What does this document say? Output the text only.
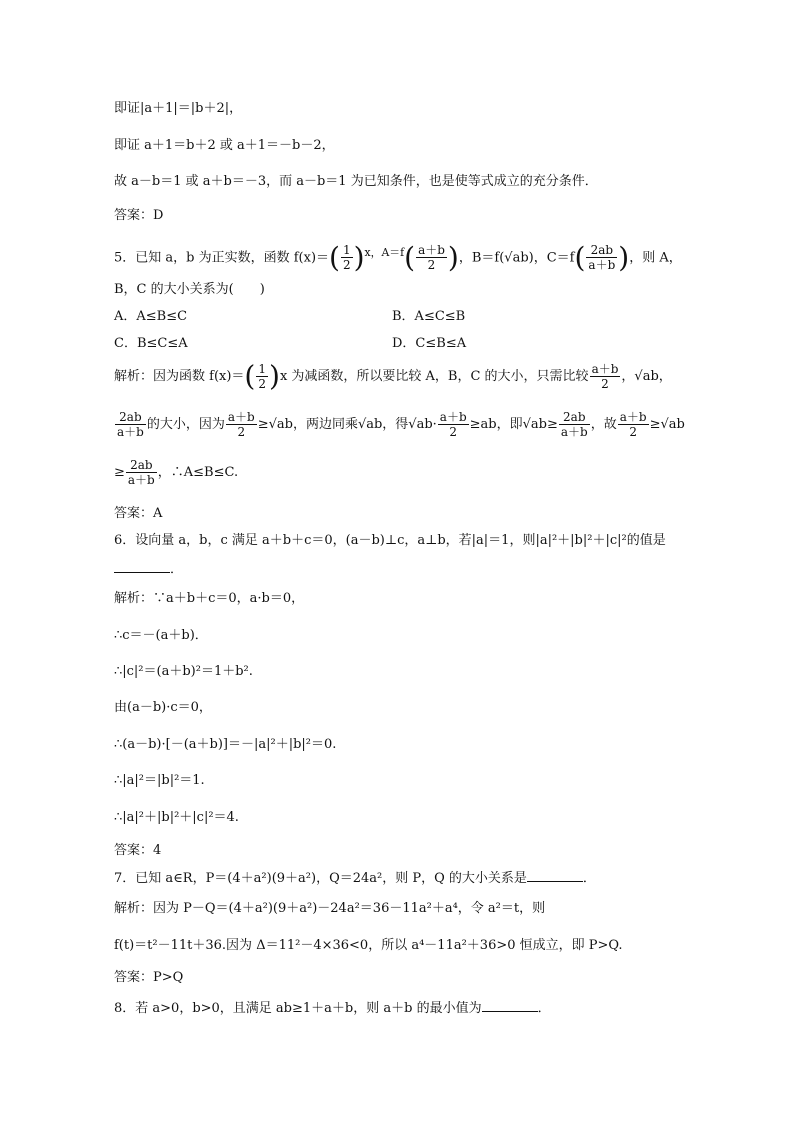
即证|a＋1|＝|b＋2|，
即证 a＋1＝b＋2 或 a＋1＝－b－2，
故 a－b＝1 或 a＋b＝－3，而 a－b＝1 为已知条件，也是使等式成立的充分条件．
答案：D
5．已知 a，b 为正实数，函数 $f(x)=( \frac{1}{2} )^{x,A=f}( \frac{a+b}{2}$ )，B＝f(√ab)，$C=f( \frac{2ab}{a+b}$ )，则 A，
B，C 的大小关系为(　　)
A．A≤B≤C	B．A≤C≤B
C．B≤C≤A	D．C≤B≤A
解析：因为函数 $f(x)=( \frac{1}{2} )x$ 为减函数，所以要比较 A，B，C 的大小，只需比较 $\frac{a+b}{2}$ ，√ab，
$\frac{2ab}{a+b}$ 的大小，因为 $\frac{a+b}{2} \ge√ab$，两边同乘√ab，得$√ab\cdot \frac{a+b}{2} \ge ab$，即$√ab\ge \frac{2ab}{a+b}$ ，故 $\frac{a+b}{2} \ge√ab$
≥ $\frac{2ab}{a+b}$ ，∴A≤B≤C.
答案：A
6．设向量 a，b，c 满足 a＋b＋c＝0，(a－b)⊥c，a⊥b，若|a|＝1，则|a|²＋|b|²＋|c|²的值是
．
解析：∵a＋b＋c＝0，a·b＝0，
∴c＝－(a＋b)．
∴|c|²＝(a＋b)²＝1＋b².
由(a－b)·c＝0，
∴(a－b)·[－(a＋b)]＝－|a|²＋|b|²＝0.
∴|a|²＝|b|²＝1.
∴|a|²＋|b|²＋|c|²＝4.
答案：4
7．已知 a∈R，P＝(4＋a²)(9＋a²)，Q＝24a²，则 P，Q 的大小关系是	．
解析：因为 P－Q＝(4＋a²)(9＋a²)－24a²＝36－11a²＋a⁴，令 a²＝t，则
f(t)＝t²－11t＋36.因为 Δ＝11²－4×36<0，所以 a⁴－11a²＋36>0 恒成立，即 P>Q.
答案：P>Q
8．若 a>0，b>0，且满足 ab≥1＋a＋b，则 a＋b 的最小值为	．
